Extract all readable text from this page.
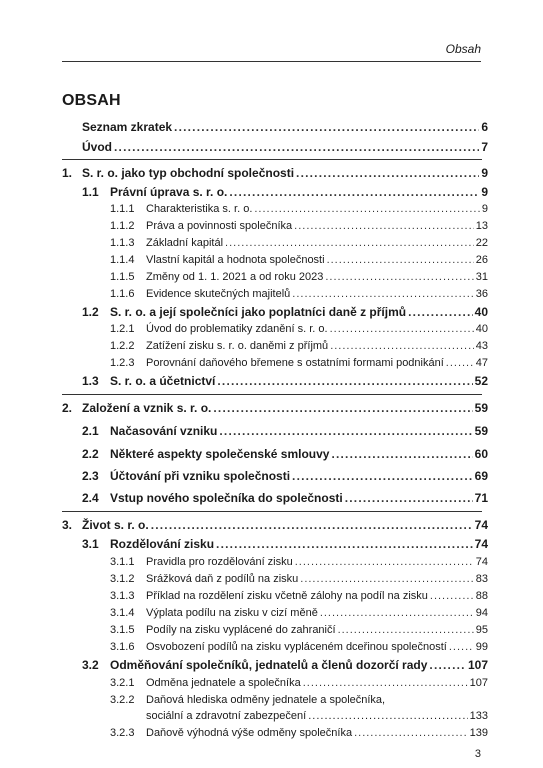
Obsah
OBSAH
Seznam zkratek .....	6
Úvod .....	7
1. S. r. o. jako typ obchodní společnosti .....	9
1.1 Právní úprava s. r. o. .....	9
1.1.1	Charakteristika s. r. o. .....	9
1.1.2	Práva a povinnosti společníka .....	13
1.1.3	Základní kapitál .....	22
1.1.4	Vlastní kapitál a hodnota společnosti .....	26
1.1.5	Změny od 1. 1. 2021 a od roku 2023 .....	31
1.1.6	Evidence skutečných majitelů .....	36
1.2 S. r. o. a její společníci jako poplatníci daně z příjmů .....	40
1.2.1	Úvod do problematiky zdanění s. r. o. .....	40
1.2.2	Zatížení zisku s. r. o. daněmi z příjmů .....	43
1.2.3	Porovnání daňového břemene s ostatními formami podnikání .....	47
1.3 S. r. o. a účetnictví .....	52
2. Založení a vznik s. r. o. .....	59
2.1 Načasování vzniku .....	59
2.2 Některé aspekty společenské smlouvy .....	60
2.3 Účtování při vzniku společnosti .....	69
2.4 Vstup nového společníka do společnosti .....	71
3. Život s. r. o. .....	74
3.1 Rozdělování zisku .....	74
3.1.1	Pravidla pro rozdělování zisku .....	74
3.1.2	Srážková daň z podílů na zisku .....	83
3.1.3	Příklad na rozdělení zisku včetně zálohy na podíl na zisku .....	88
3.1.4	Výplata podílu na zisku v cizí měně .....	94
3.1.5	Podíly na zisku vyplácené do zahraničí .....	95
3.1.6	Osvobození podílů na zisku vypláceném dceřinou společností .....	99
3.2 Odměňování společníků, jednatelů a členů dozorčí rady .....	107
3.2.1	Odměna jednatele a společníka .....	107
3.2.2	Daňová hlediska odměny jednatele a společníka,
sociální a zdravotní zabezpečení .....	133
3.2.3	Daňově výhodná výše odměny společníka .....	139
3
